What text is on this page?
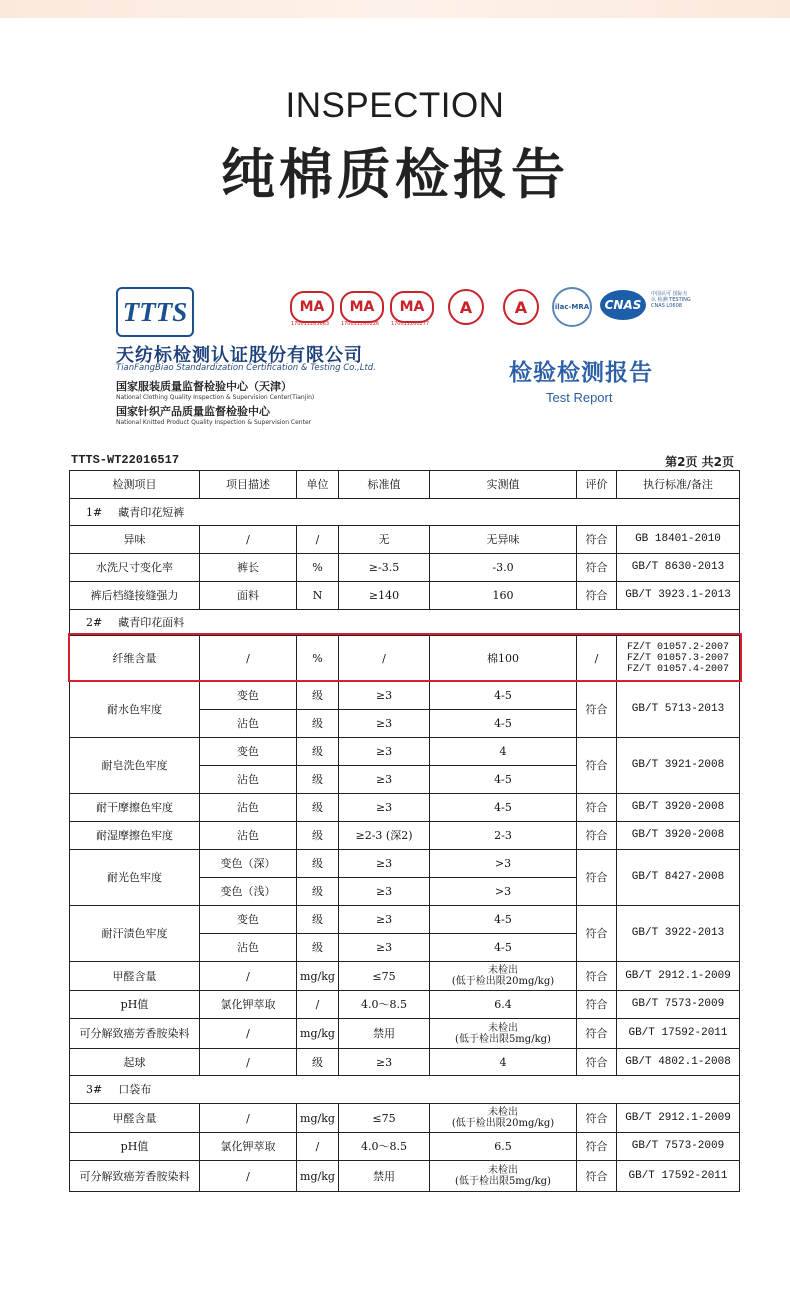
INSPECTION
纯棉质检报告
TTTS
天纺标检测认证股份有限公司
TianFangBiao Standardization Certification & Testing Co.,Ltd.
国家服装质量监督检验中心（天津）
National Clothing Quality Inspection & Supervision Center(Tianjin)
国家针织产品质量监督检验中心
National Knitted Product Quality Inspection & Supervision Center
MA
170011263663
MA
170011260226
MA
170011260277
A	A	ilac-MRA	CNAS
中国认可 国际互认 检测 TESTING CNAS L0608
检验检测报告
Test Report
TTTS-WT22016517	第2页 共2页
检测项目	项目描述	单位	标准值	实测值	评价	执行标准/备注
1# 藏青印花短裤						
异味	/	/	无	无异味	符合	GB 18401-2010
水洗尺寸变化率	裤长	%	≥-3.5	-3.0	符合	GB/T 8630-2013
裤后档缝接缝强力	面料	N	≥140	160	符合	GB/T 3923.1-2013
2# 藏青印花面料						
纤维含量	/	%	/	棉100	/	FZ/T 01057.2-2007
FZ/T 01057.3-2007
FZ/T 01057.4-2007

耐水色牢度	变色	级	≥3	4-5	符合	GB/T 5713-2013
	沾色	级	≥3	4-5		
耐皂洗色牢度	变色	级	≥3	4	符合	GB/T 3921-2008
	沾色	级	≥3	4-5		
耐干摩擦色牢度	沾色	级	≥3	4-5	符合	GB/T 3920-2008
耐湿摩擦色牢度	沾色	级	≥2-3 (深2)	2-3	符合	GB/T 3920-2008
耐光色牢度	变色（深）	级	≥3	>3	符合	GB/T 8427-2008
	变色（浅）	级	≥3	>3		
耐汗渍色牢度	变色	级	≥3	4-5	符合	GB/T 3922-2013
	沾色	级	≥3	4-5		
甲醛含量	/	mg/kg	≤75	未检出
(低于检出限20mg/kg)	符合	GB/T 2912.1-2009
pH值	氯化钾萃取	/	4.0～8.5	6.4	符合	GB/T 7573-2009
可分解致癌芳香胺染料	/	mg/kg	禁用	未检出
(低于检出限5mg/kg)	符合	GB/T 17592-2011
起球	/	级	≥3	4	符合	GB/T 4802.1-2008
3# 口袋布						
甲醛含量	/	mg/kg	≤75	未检出
(低于检出限20mg/kg)	符合	GB/T 2912.1-2009
pH值	氯化钾萃取	/	4.0～8.5	6.5	符合	GB/T 7573-2009
可分解致癌芳香胺染料	/	mg/kg	禁用	未检出
(低于检出限5mg/kg)	符合	GB/T 17592-2011
